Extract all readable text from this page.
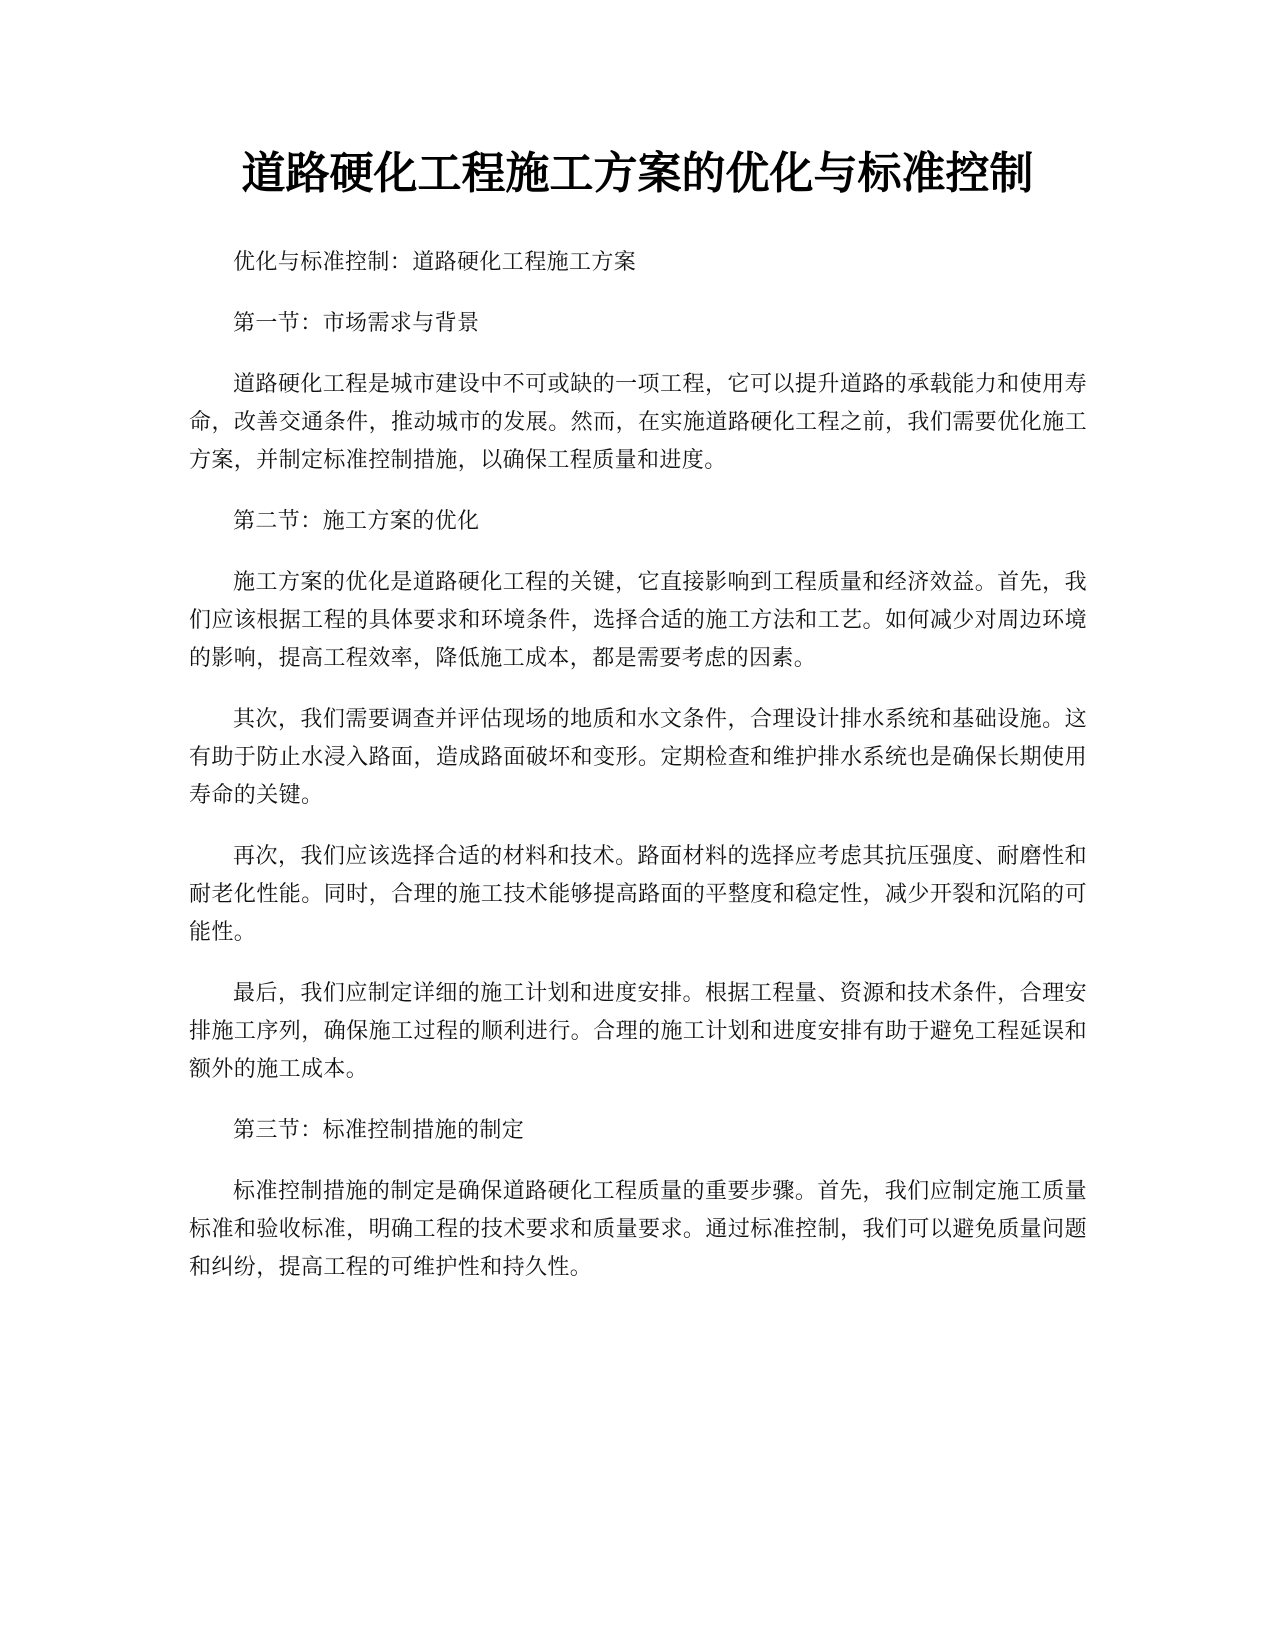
道路硬化工程施工方案的优化与标准控制

优化与标准控制：道路硬化工程施工方案

第一节：市场需求与背景

道路硬化工程是城市建设中不可或缺的一项工程，它可以提升道路的承载能力和使用寿命，改善交通条件，推动城市的发展。然而，在实施道路硬化工程之前，我们需要优化施工方案，并制定标准控制措施，以确保工程质量和进度。

第二节：施工方案的优化

施工方案的优化是道路硬化工程的关键，它直接影响到工程质量和经济效益。首先，我们应该根据工程的具体要求和环境条件，选择合适的施工方法和工艺。如何减少对周边环境的影响，提高工程效率，降低施工成本，都是需要考虑的因素。

其次，我们需要调查并评估现场的地质和水文条件，合理设计排水系统和基础设施。这有助于防止水浸入路面，造成路面破坏和变形。定期检查和维护排水系统也是确保长期使用寿命的关键。

再次，我们应该选择合适的材料和技术。路面材料的选择应考虑其抗压强度、耐磨性和耐老化性能。同时，合理的施工技术能够提高路面的平整度和稳定性，减少开裂和沉陷的可能性。

最后，我们应制定详细的施工计划和进度安排。根据工程量、资源和技术条件，合理安排施工序列，确保施工过程的顺利进行。合理的施工计划和进度安排有助于避免工程延误和额外的施工成本。

第三节：标准控制措施的制定

标准控制措施的制定是确保道路硬化工程质量的重要步骤。首先，我们应制定施工质量标准和验收标准，明确工程的技术要求和质量要求。通过标准控制，我们可以避免质量问题和纠纷，提高工程的可维护性和持久性。
